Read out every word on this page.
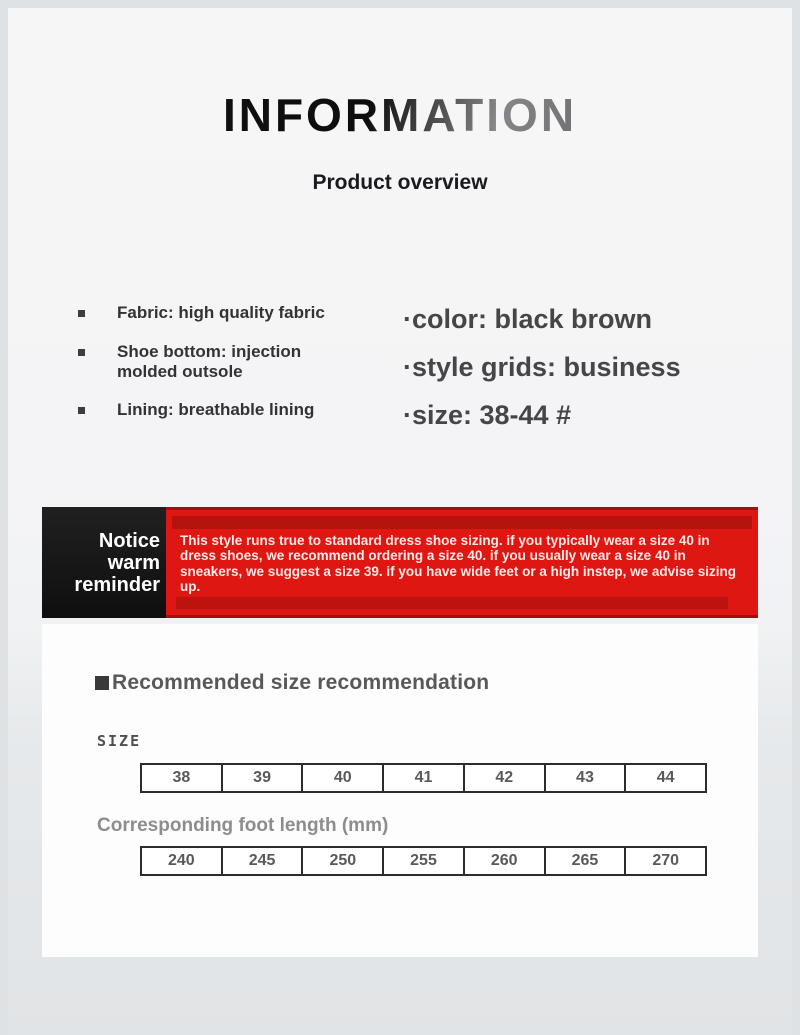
INFORMATION
Product overview
Fabric: high quality fabric
Shoe bottom: injection molded outsole
Lining: breathable lining
·color: black brown
·style grids: business
·size: 38-44 #
Notice
warm
reminder
This style runs true to standard dress shoe sizing. if you typically wear a size 40 in dress shoes, we recommend ordering a size 40. if you usually wear a size 40 in sneakers, we suggest a size 39. if you have wide feet or a high instep, we advise sizing up.
Recommended size recommendation
SIZE
38	39	40	41	42	43	44
Corresponding foot length (mm)
240	245	250	255	260	265	270
